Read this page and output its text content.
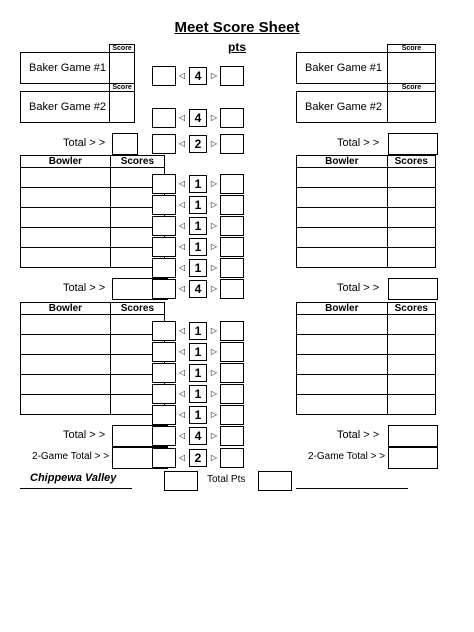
Meet Score Sheet
pts
	Score
Baker Game #1	
	Score
Baker Game #2	
Total > >
	Score
Baker Game #1	
	Score
Baker Game #2	
Total > >
◁ 4	▷
◁ 4	▷
◁ 2	▷
Bowler	Scores

Total > >
Bowler	Scores

Total > >
◁ 1	▷
◁ 1	▷
◁ 1	▷
◁ 1	▷
◁ 1	▷
◁ 4	▷
Bowler	Scores

Total > >
2-Game Total > >
Bowler	Scores

Total > >
2-Game Total > >
◁ 1	▷
◁ 1	▷
◁ 1	▷
◁ 1	▷
◁ 1	▷
◁ 4	▷
◁ 2	▷
Chippewa Valley	Total Pts
